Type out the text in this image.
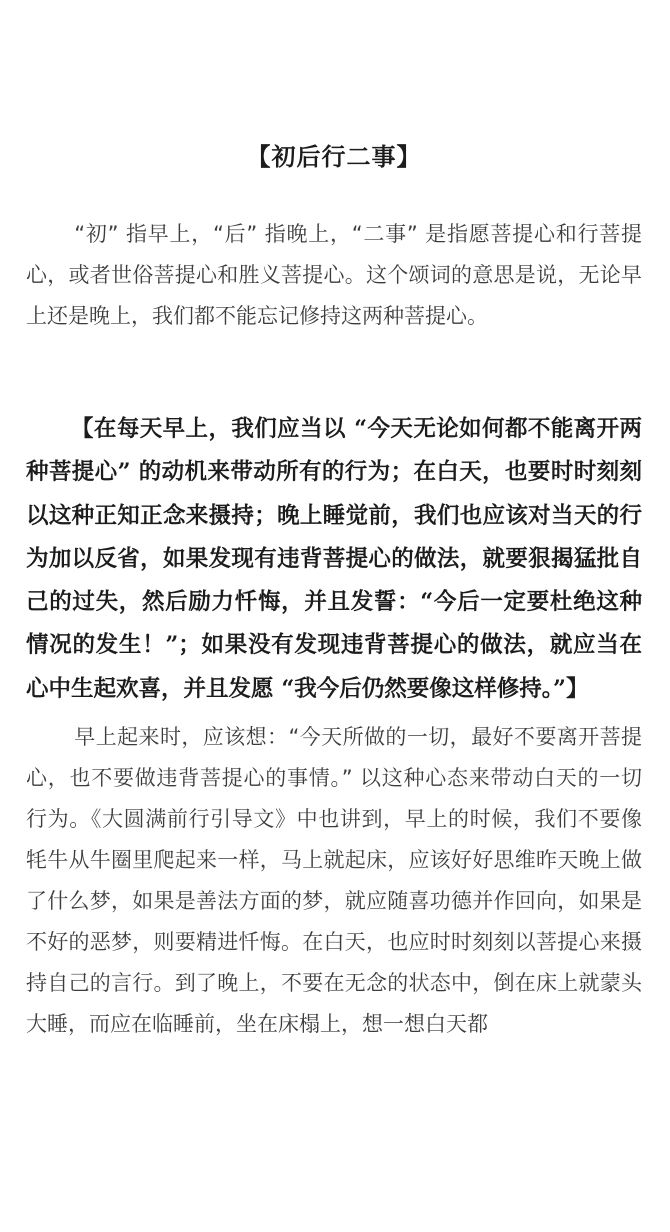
【初后行二事】

“初” 指早上，“后” 指晚上，“二事” 是指愿菩提心和行菩提心，或者世俗菩提心和胜义菩提心。这个颂词的意思是说，无论早上还是晚上，我们都不能忘记修持这两种菩提心。

【在每天早上，我们应当以 “今天无论如何都不能离开两种菩提心” 的动机来带动所有的行为；在白天，也要时时刻刻以这种正知正念来摄持；晚上睡觉前，我们也应该对当天的行为加以反省，如果发现有违背菩提心的做法，就要狠揭猛批自己的过失，然后励力忏悔，并且发誓：“今后一定要杜绝这种情况的发生！”；如果没有发现违背菩提心的做法，就应当在心中生起欢喜，并且发愿 “我今后仍然要像这样修持。”】

早上起来时，应该想：“今天所做的一切，最好不要离开菩提心，也不要做违背菩提心的事情。” 以这种心态来带动白天的一切行为。《大圆满前行引导文》中也讲到，早上的时候，我们不要像牦牛从牛圈里爬起来一样，马上就起床，应该好好思维昨天晚上做了什么梦，如果是善法方面的梦，就应随喜功德并作回向，如果是不好的恶梦，则要精进忏悔。在白天，也应时时刻刻以菩提心来摄持自己的言行。到了晚上，不要在无念的状态中，倒在床上就蒙头大睡，而应在临睡前，坐在床榻上，想一想白天都
